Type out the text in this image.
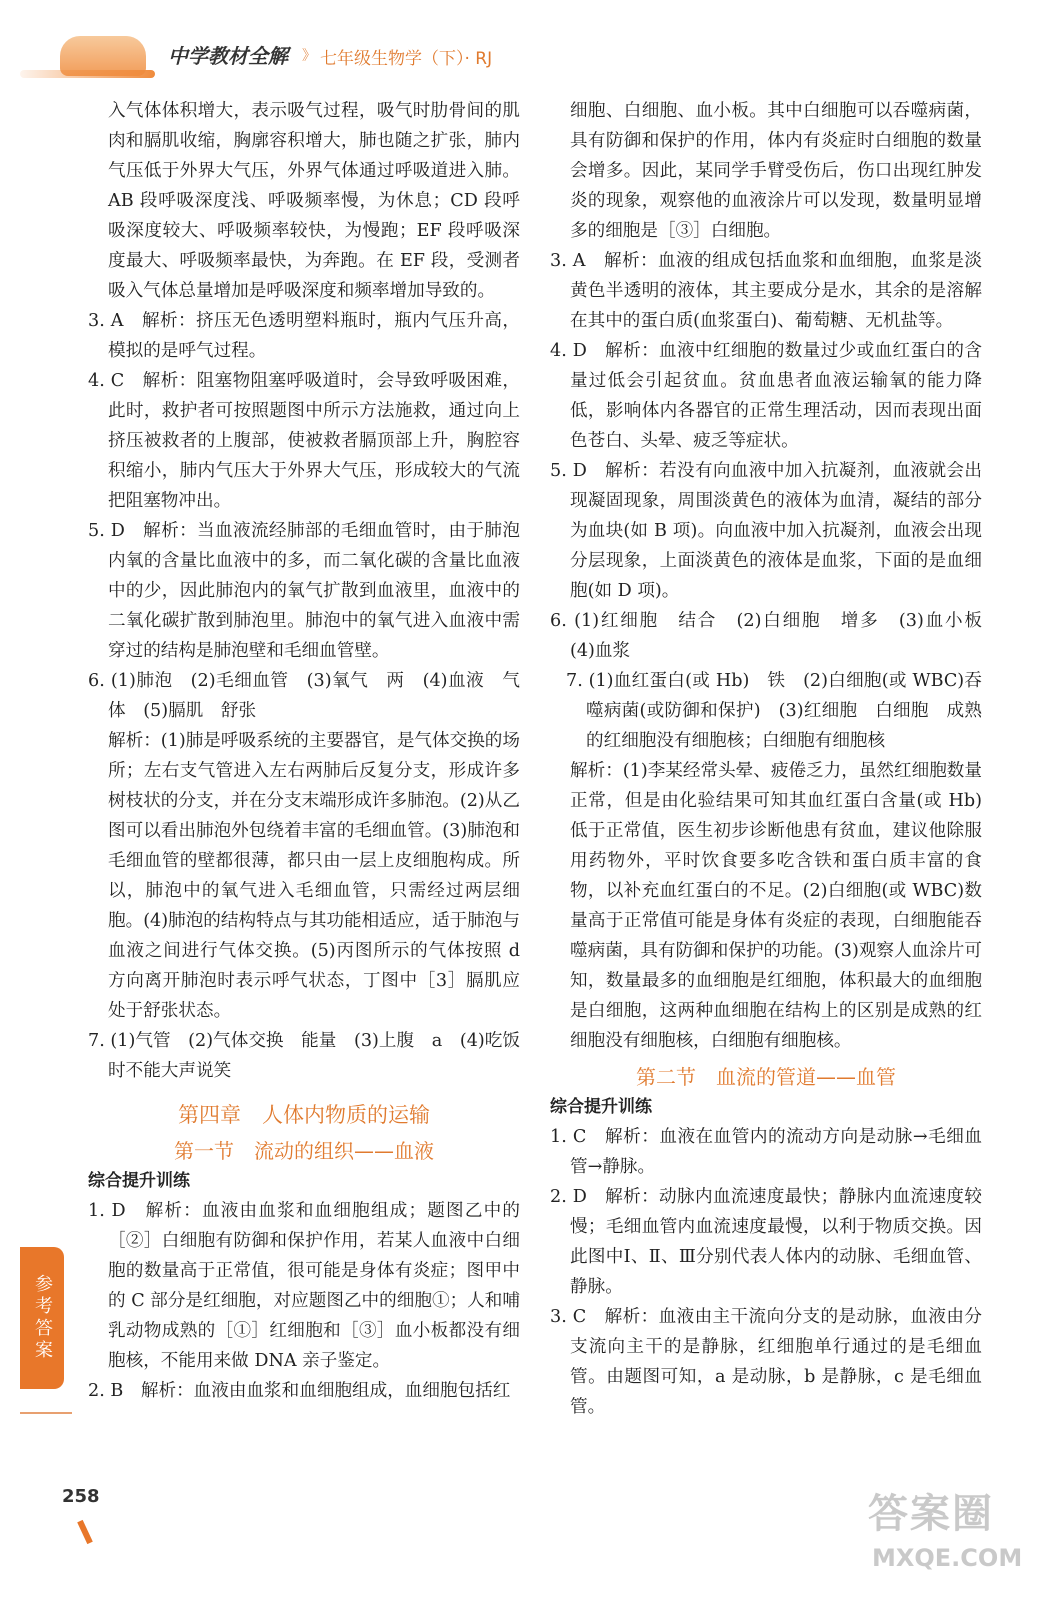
中学教材全解 》 七年级生物学（下）· RJ

入气体体积增大，表示吸气过程，吸气时肋骨间的肌肉和膈肌收缩，胸廓容积增大，肺也随之扩张，肺内气压低于外界大气压，外界气体通过呼吸道进入肺。AB 段呼吸深度浅、呼吸频率慢，为休息；CD 段呼吸深度较大、呼吸频率较快，为慢跑；EF 段呼吸深度最大、呼吸频率最快，为奔跑。在 EF 段，受测者吸入气体总量增加是呼吸深度和频率增加导致的。

3. A　解析：挤压无色透明塑料瓶时，瓶内气压升高，模拟的是呼气过程。

4. C　解析：阻塞物阻塞呼吸道时，会导致呼吸困难，此时，救护者可按照题图中所示方法施救，通过向上挤压被救者的上腹部，使被救者膈顶部上升，胸腔容积缩小，肺内气压大于外界大气压，形成较大的气流把阻塞物冲出。

5. D　解析：当血液流经肺部的毛细血管时，由于肺泡内氧的含量比血液中的多，而二氧化碳的含量比血液中的少，因此肺泡内的氧气扩散到血液里，血液中的二氧化碳扩散到肺泡里。肺泡中的氧气进入血液中需穿过的结构是肺泡壁和毛细血管壁。

6. (1)肺泡　(2)毛细血管　(3)氧气　两　(4)血液　气体　(5)膈肌　舒张

解析：(1)肺是呼吸系统的主要器官，是气体交换的场所；左右支气管进入左右两肺后反复分支，形成许多树枝状的分支，并在分支末端形成许多肺泡。(2)从乙图可以看出肺泡外包绕着丰富的毛细血管。(3)肺泡和毛细血管的壁都很薄，都只由一层上皮细胞构成。所以，肺泡中的氧气进入毛细血管，只需经过两层细胞。(4)肺泡的结构特点与其功能相适应，适于肺泡与血液之间进行气体交换。(5)丙图所示的气体按照 d 方向离开肺泡时表示呼气状态，丁图中［3］膈肌应处于舒张状态。

7. (1)气管　(2)气体交换　能量　(3)上腹　a　(4)吃饭时不能大声说笑

第四章　人体内物质的运输

第一节　流动的组织——血液

综合提升训练

1. D　解析：血液由血浆和血细胞组成；题图乙中的［②］白细胞有防御和保护作用，若某人血液中白细胞的数量高于正常值，很可能是身体有炎症；图甲中的 C 部分是红细胞，对应题图乙中的细胞①；人和哺乳动物成熟的［①］红细胞和［③］血小板都没有细胞核，不能用来做 DNA 亲子鉴定。

2. B　解析：血液由血浆和血细胞组成，血细胞包括红

细胞、白细胞、血小板。其中白细胞可以吞噬病菌，具有防御和保护的作用，体内有炎症时白细胞的数量会增多。因此，某同学手臂受伤后，伤口出现红肿发炎的现象，观察他的血液涂片可以发现，数量明显增多的细胞是［③］白细胞。

3. A　解析：血液的组成包括血浆和血细胞，血浆是淡黄色半透明的液体，其主要成分是水，其余的是溶解在其中的蛋白质(血浆蛋白)、葡萄糖、无机盐等。

4. D　解析：血液中红细胞的数量过少或血红蛋白的含量过低会引起贫血。贫血患者血液运输氧的能力降低，影响体内各器官的正常生理活动，因而表现出面色苍白、头晕、疲乏等症状。

5. D　解析：若没有向血液中加入抗凝剂，血液就会出现凝固现象，周围淡黄色的液体为血清，凝结的部分为血块(如 B 项)。向血液中加入抗凝剂，血液会出现分层现象，上面淡黄色的液体是血浆，下面的是血细胞(如 D 项)。

6. (1)红细胞　结合　(2)白细胞　增多　(3)血小板　(4)血浆

7. (1)血红蛋白(或 Hb)　铁　(2)白细胞(或 WBC)吞噬病菌(或防御和保护)　(3)红细胞　白细胞　成熟的红细胞没有细胞核；白细胞有细胞核

解析：(1)李某经常头晕、疲倦乏力，虽然红细胞数量正常，但是由化验结果可知其血红蛋白含量(或 Hb)低于正常值，医生初步诊断他患有贫血，建议他除服用药物外，平时饮食要多吃含铁和蛋白质丰富的食物，以补充血红蛋白的不足。(2)白细胞(或 WBC)数量高于正常值可能是身体有炎症的表现，白细胞能吞噬病菌，具有防御和保护的功能。(3)观察人血涂片可知，数量最多的血细胞是红细胞，体积最大的血细胞是白细胞，这两种血细胞在结构上的区别是成熟的红细胞没有细胞核，白细胞有细胞核。

第二节　血流的管道——血管

综合提升训练

1. C　解析：血液在血管内的流动方向是动脉→毛细血管→静脉。

2. D　解析：动脉内血流速度最快；静脉内血流速度较慢；毛细血管内血流速度最慢，以利于物质交换。因此图中Ⅰ、Ⅱ、Ⅲ分别代表人体内的动脉、毛细血管、静脉。

3. C　解析：血液由主干流向分支的是动脉，血液由分支流向主干的是静脉，红细胞单行通过的是毛细血管。由题图可知，a 是动脉，b 是静脉，c 是毛细血管。

参考答案
258	答案圈
MXQE.COM
